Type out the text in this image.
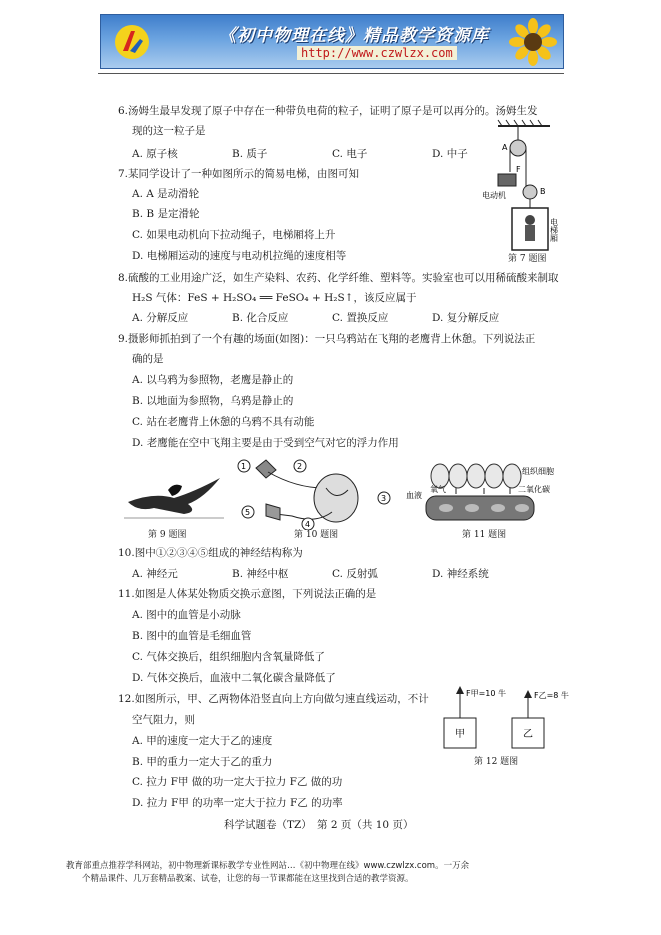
《初中物理在线》精品教学资源库
http://www.czwlzx.com
6.汤姆生最早发现了原子中存在一种带负电荷的粒子，证明了原子是可以再分的。汤姆生发
现的这一粒子是
A. 原子核	B. 质子	C. 电子	D. 中子
7.某同学设计了一种如图所示的简易电梯，由图可知
A. A 是动滑轮
B. B 是定滑轮
C. 如果电动机向下拉动绳子，电梯厢将上升
D. 电梯厢运动的速度与电动机拉绳的速度相等
A
F
电动机	B
电梯厢
第 7 题图
8.硫酸的工业用途广泛，如生产染料、农药、化学纤维、塑料等。实验室也可以用稀硫酸来制取
H₂S 气体：FeS + H₂SO₄ ══ FeSO₄ + H₂S↑，该反应属于
A. 分解反应	B. 化合反应	C. 置换反应	D. 复分解反应
9.摄影师抓拍到了一个有趣的场面(如图)：一只乌鸦站在飞翔的老鹰背上休憩。下列说法正
确的是
A. 以乌鸦为参照物，老鹰是静止的
B. 以地面为参照物，乌鸦是静止的
C. 站在老鹰背上休憩的乌鸦不具有动能
D. 老鹰能在空中飞翔主要是由于受到空气对它的浮力作用
第 9 题图
1	2
3
4
5
第 10 题图
组织细胞
血液
氧气	二氧化碳
第 11 题图
10.图中①②③④⑤组成的神经结构称为
A. 神经元	B. 神经中枢	C. 反射弧	D. 神经系统
11.如图是人体某处物质交换示意图，下列说法正确的是
A. 图中的血管是小动脉
B. 图中的血管是毛细血管
C. 气体交换后，组织细胞内含氧量降低了
D. 气体交换后，血液中二氧化碳含量降低了
12.如图所示，甲、乙两物体沿竖直向上方向做匀速直线运动，不计
空气阻力，则
A. 甲的速度一定大于乙的速度
B. 甲的重力一定大于乙的重力
C. 拉力 F甲 做的功一定大于拉力 F乙 做的功
D. 拉力 F甲 的功率一定大于拉力 F乙 的功率
F甲=10 牛
甲
F乙=8 牛
乙
第 12 题图
科学试题卷（TZ）　第 2 页（共 10 页）
教育部重点推荐学科网站，初中物理新课标教学专业性网站…《初中物理在线》www.czwlzx.com。一万余
个精品课件、几万套精品教案、试卷，让您的每一节课都能在这里找到合适的教学资源。
